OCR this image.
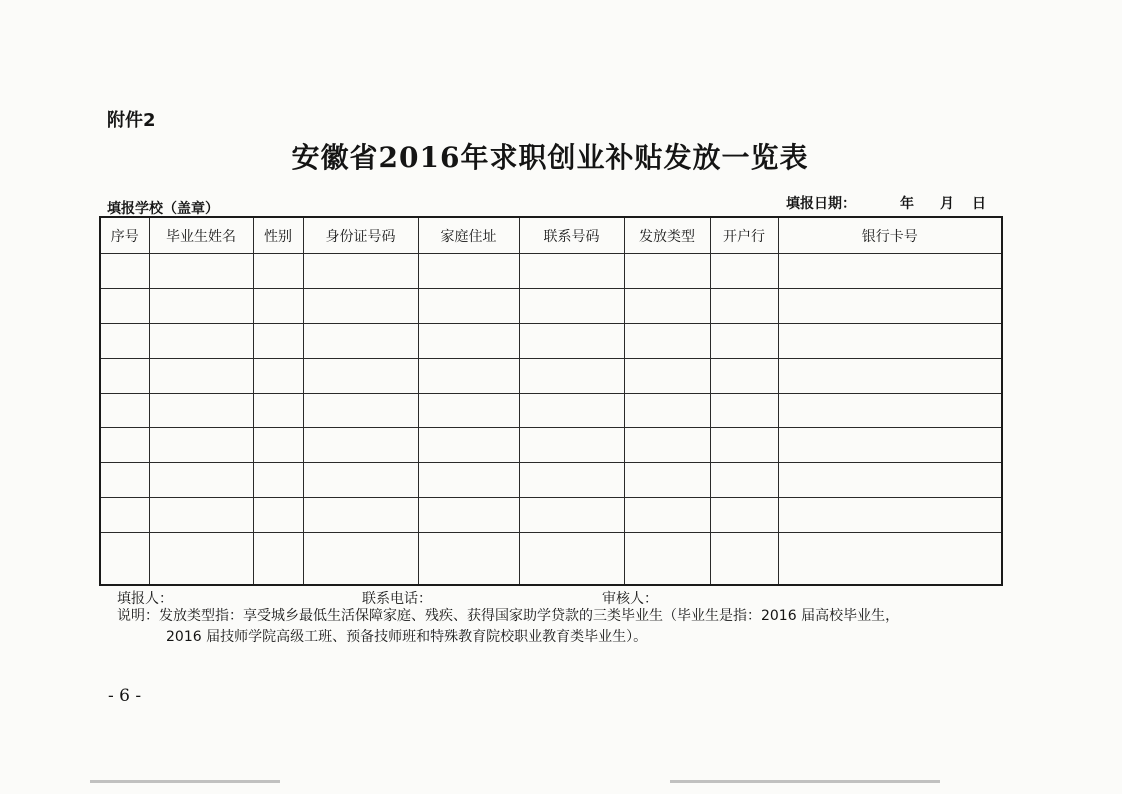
附件2
安徽省2016年求职创业补贴发放一览表
填报学校（盖章）	填报日期：	年 月 日
序号	毕业生姓名	性别	身份证号码	家庭住址	联系号码	发放类型	开户行	银行卡号

填报人：	联系电话：	审核人：
说明：发放类型指：享受城乡最低生活保障家庭、残疾、获得国家助学贷款的三类毕业生（毕业生是指：2016 届高校毕业生，
2016 届技师学院高级工班、预备技师班和特殊教育院校职业教育类毕业生）。
- 6 -
